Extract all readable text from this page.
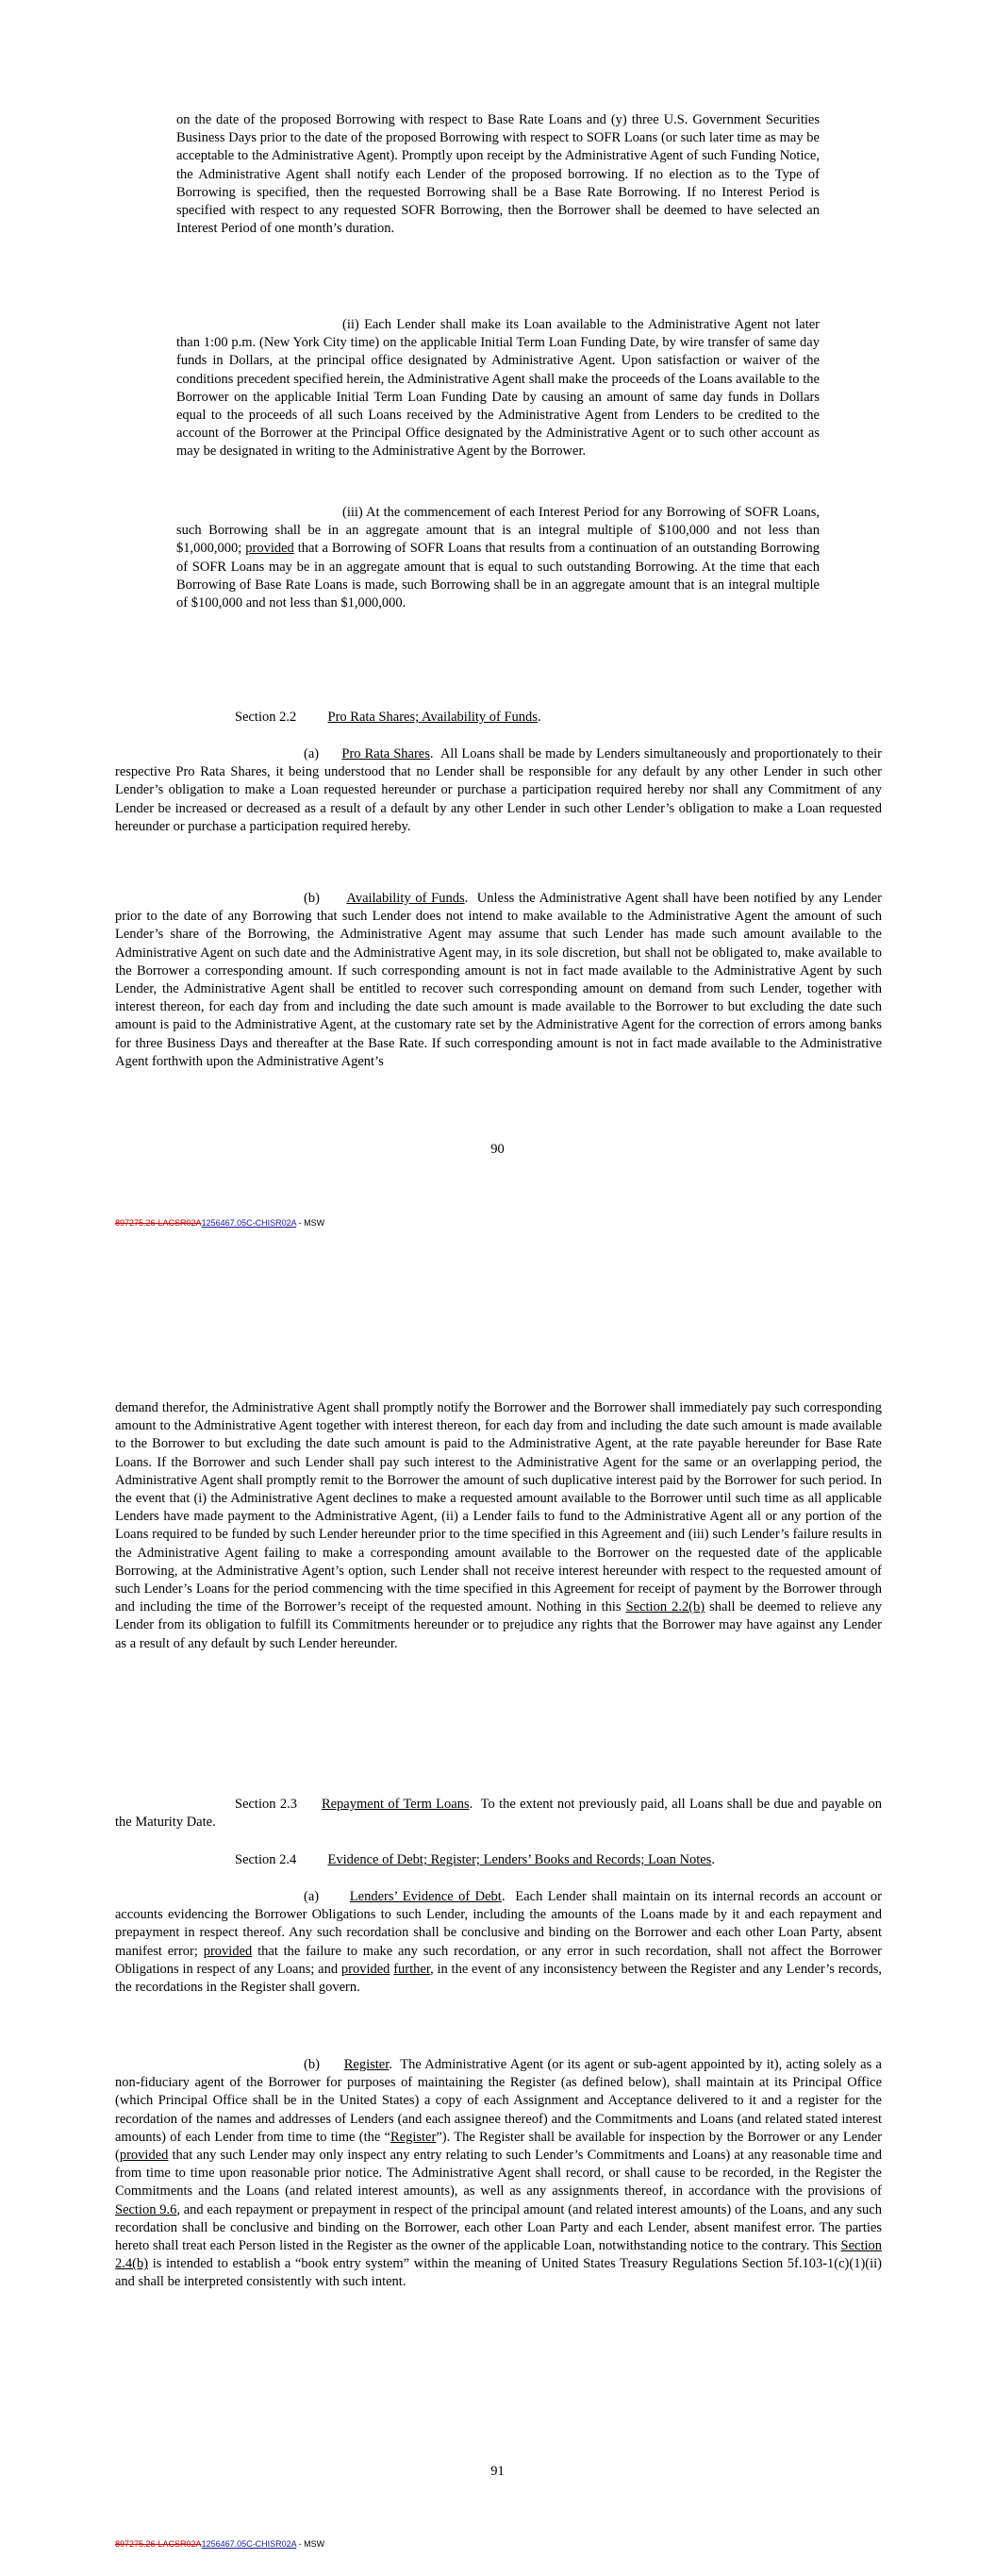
on the date of the proposed Borrowing with respect to Base Rate Loans and (y) three U.S. Government Securities Business Days prior to the date of the proposed Borrowing with respect to SOFR Loans (or such later time as may be acceptable to the Administrative Agent). Promptly upon receipt by the Administrative Agent of such Funding Notice, the Administrative Agent shall notify each Lender of the proposed borrowing. If no election as to the Type of Borrowing is specified, then the requested Borrowing shall be a Base Rate Borrowing. If no Interest Period is specified with respect to any requested SOFR Borrowing, then the Borrower shall be deemed to have selected an Interest Period of one month’s duration.

(ii) Each Lender shall make its Loan available to the Administrative Agent not later than 1:00 p.m. (New York City time) on the applicable Initial Term Loan Funding Date, by wire transfer of same day funds in Dollars, at the principal office designated by Administrative Agent. Upon satisfaction or waiver of the conditions precedent specified herein, the Administrative Agent shall make the proceeds of the Loans available to the Borrower on the applicable Initial Term Loan Funding Date by causing an amount of same day funds in Dollars equal to the proceeds of all such Loans received by the Administrative Agent from Lenders to be credited to the account of the Borrower at the Principal Office designated by the Administrative Agent or to such other account as may be designated in writing to the Administrative Agent by the Borrower.

(iii) At the commencement of each Interest Period for any Borrowing of SOFR Loans, such Borrowing shall be in an aggregate amount that is an integral multiple of $100,000 and not less than $1,000,000; provided that a Borrowing of SOFR Loans that results from a continuation of an outstanding Borrowing of SOFR Loans may be in an aggregate amount that is equal to such outstanding Borrowing. At the time that each Borrowing of Base Rate Loans is made, such Borrowing shall be in an aggregate amount that is an integral multiple of $100,000 and not less than $1,000,000.

Section 2.2 Pro Rata Shares; Availability of Funds.

(a) Pro Rata Shares.  All Loans shall be made by Lenders simultaneously and proportionately to their respective Pro Rata Shares, it being understood that no Lender shall be responsible for any default by any other Lender in such other Lender’s obligation to make a Loan requested hereunder or purchase a participation required hereby nor shall any Commitment of any Lender be increased or decreased as a result of a default by any other Lender in such other Lender’s obligation to make a Loan requested hereunder or purchase a participation required hereby.

(b) Availability of Funds.  Unless the Administrative Agent shall have been notified by any Lender prior to the date of any Borrowing that such Lender does not intend to make available to the Administrative Agent the amount of such Lender’s share of the Borrowing, the Administrative Agent may assume that such Lender has made such amount available to the Administrative Agent on such date and the Administrative Agent may, in its sole discretion, but shall not be obligated to, make available to the Borrower a corresponding amount. If such corresponding amount is not in fact made available to the Administrative Agent by such Lender, the Administrative Agent shall be entitled to recover such corresponding amount on demand from such Lender, together with interest thereon, for each day from and including the date such amount is made available to the Borrower to but excluding the date such amount is paid to the Administrative Agent, at the customary rate set by the Administrative Agent for the correction of errors among banks for three Business Days and thereafter at the Base Rate. If such corresponding amount is not in fact made available to the Administrative Agent forthwith upon the Administrative Agent’s

90
897275.26-LACSR02A1256467.05C-CHISR02A - MSW

demand therefor, the Administrative Agent shall promptly notify the Borrower and the Borrower shall immediately pay such corresponding amount to the Administrative Agent together with interest thereon, for each day from and including the date such amount is made available to the Borrower to but excluding the date such amount is paid to the Administrative Agent, at the rate payable hereunder for Base Rate Loans. If the Borrower and such Lender shall pay such interest to the Administrative Agent for the same or an overlapping period, the Administrative Agent shall promptly remit to the Borrower the amount of such duplicative interest paid by the Borrower for such period. In the event that (i) the Administrative Agent declines to make a requested amount available to the Borrower until such time as all applicable Lenders have made payment to the Administrative Agent, (ii) a Lender fails to fund to the Administrative Agent all or any portion of the Loans required to be funded by such Lender hereunder prior to the time specified in this Agreement and (iii) such Lender’s failure results in the Administrative Agent failing to make a corresponding amount available to the Borrower on the requested date of the applicable Borrowing, at the Administrative Agent’s option, such Lender shall not receive interest hereunder with respect to the requested amount of such Lender’s Loans for the period commencing with the time specified in this Agreement for receipt of payment by the Borrower through and including the time of the Borrower’s receipt of the requested amount. Nothing in this Section 2.2(b) shall be deemed to relieve any Lender from its obligation to fulfill its Commitments hereunder or to prejudice any rights that the Borrower may have against any Lender as a result of any default by such Lender hereunder.

Section 2.3 Repayment of Term Loans.  To the extent not previously paid, all Loans shall be due and payable on the Maturity Date.

Section 2.4 Evidence of Debt; Register; Lenders’ Books and Records; Loan Notes.

(a) Lenders’ Evidence of Debt.  Each Lender shall maintain on its internal records an account or accounts evidencing the Borrower Obligations to such Lender, including the amounts of the Loans made by it and each repayment and prepayment in respect thereof. Any such recordation shall be conclusive and binding on the Borrower and each other Loan Party, absent manifest error; provided that the failure to make any such recordation, or any error in such recordation, shall not affect the Borrower Obligations in respect of any Loans; and provided further, in the event of any inconsistency between the Register and any Lender’s records, the recordations in the Register shall govern.

(b) Register.  The Administrative Agent (or its agent or sub-agent appointed by it), acting solely as a non-fiduciary agent of the Borrower for purposes of maintaining the Register (as defined below), shall maintain at its Principal Office (which Principal Office shall be in the United States) a copy of each Assignment and Acceptance delivered to it and a register for the recordation of the names and addresses of Lenders (and each assignee thereof) and the Commitments and Loans (and related stated interest amounts) of each Lender from time to time (the “Register”). The Register shall be available for inspection by the Borrower or any Lender (provided that any such Lender may only inspect any entry relating to such Lender’s Commitments and Loans) at any reasonable time and from time to time upon reasonable prior notice. The Administrative Agent shall record, or shall cause to be recorded, in the Register the Commitments and the Loans (and related interest amounts), as well as any assignments thereof, in accordance with the provisions of Section 9.6, and each repayment or prepayment in respect of the principal amount (and related interest amounts) of the Loans, and any such recordation shall be conclusive and binding on the Borrower, each other Loan Party and each Lender, absent manifest error. The parties hereto shall treat each Person listed in the Register as the owner of the applicable Loan, notwithstanding notice to the contrary. This Section 2.4(b) is intended to establish a “book entry system” within the meaning of United States Treasury Regulations Section 5f.103-1(c)(1)(ii) and shall be interpreted consistently with such intent.

91
897275.26-LACSR02A1256467.05C-CHISR02A - MSW
